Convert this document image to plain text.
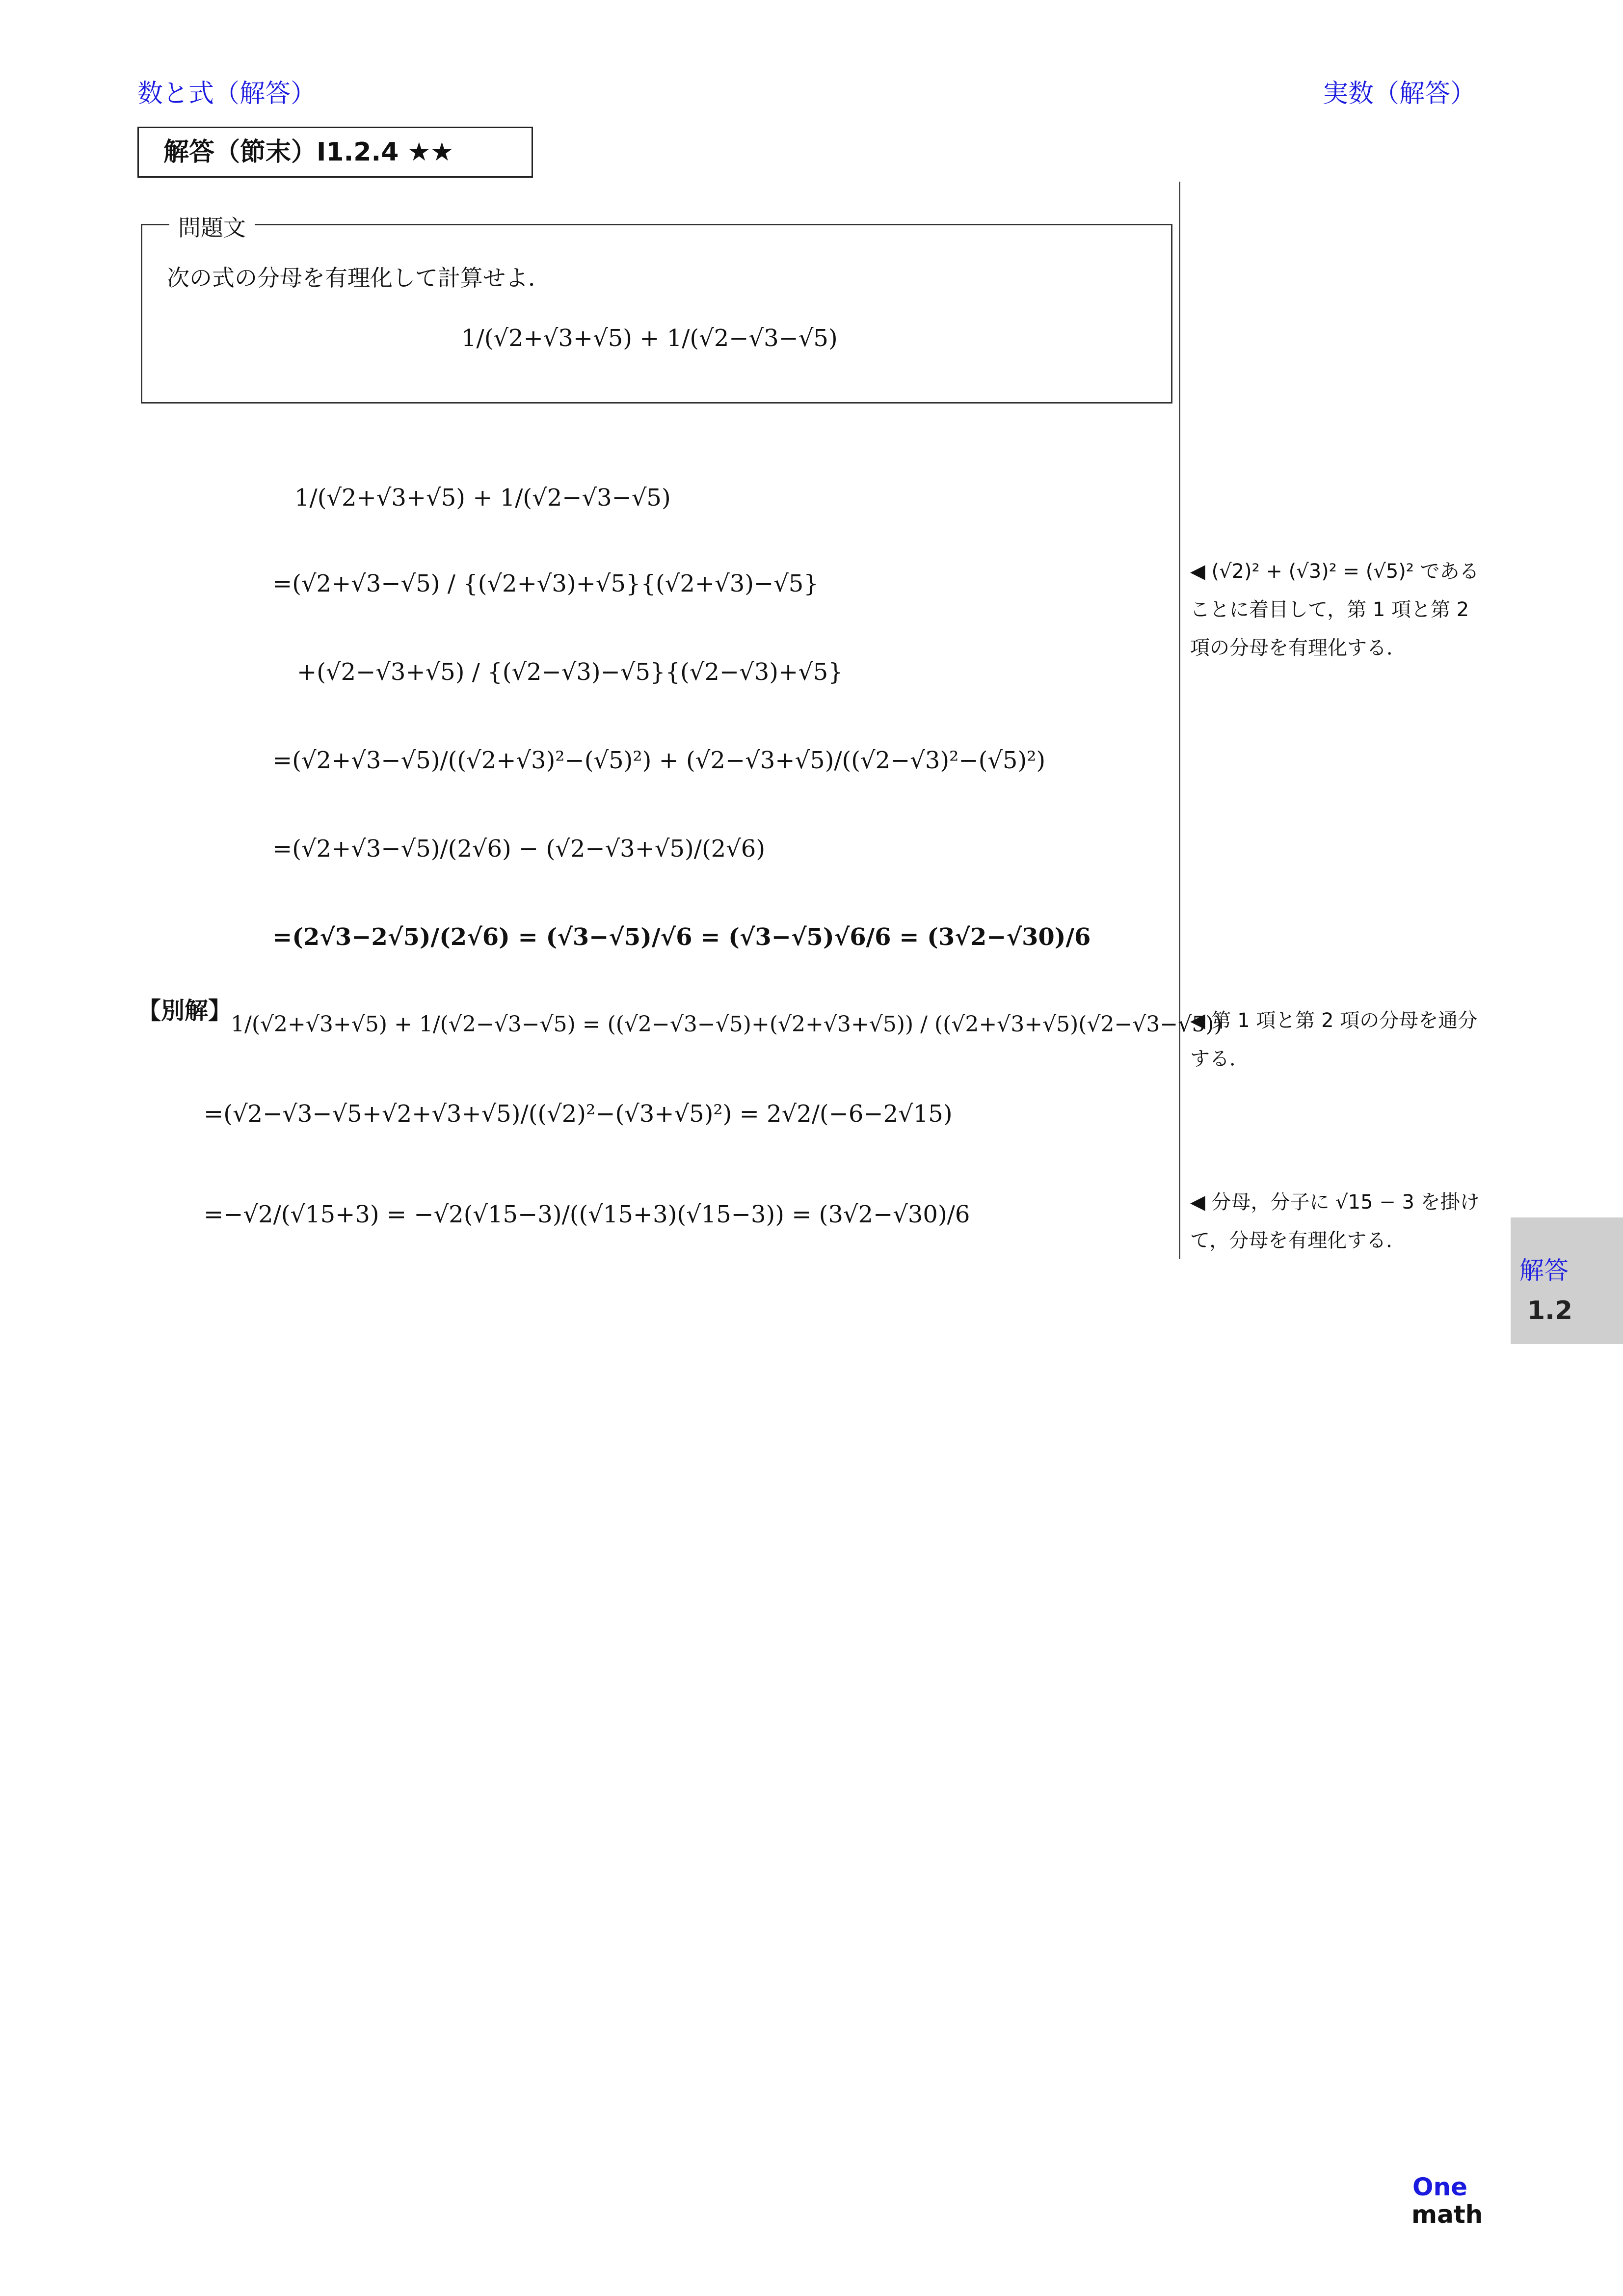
数と式（解答）	実数（解答）
解答（節末）I1.2.4 ★★
問題文
次の式の分母を有理化して計算せよ．
1/(√2+√3+√5) + 1/(√2−√3−√5)
1/(√2+√3+√5) + 1/(√2−√3−√5)
=(√2+√3−√5) / {(√2+√3)+√5}{(√2+√3)−√5}
+(√2−√3+√5) / {(√2−√3)−√5}{(√2−√3)+√5}
=(√2+√3−√5)/((√2+√3)²−(√5)²) + (√2−√3+√5)/((√2−√3)²−(√5)²)
=(√2+√3−√5)/(2√6) − (√2−√3+√5)/(2√6)
=(2√3−2√5)/(2√6) = (√3−√5)/√6 = (√3−√5)√6/6 = (3√2−√30)/6
【別解】
1/(√2+√3+√5) + 1/(√2−√3−√5) = ((√2−√3−√5)+(√2+√3+√5)) / ((√2+√3+√5)(√2−√3−√5))
=(√2−√3−√5+√2+√3+√5)/((√2)²−(√3+√5)²) = 2√2/(−6−2√15)
=−√2/(√15+3) = −√2(√15−3)/((√15+3)(√15−3)) = (3√2−√30)/6
◀ (√2)² + (√3)² = (√5)² であることに着目して，第 1 項と第 2 項の分母を有理化する．
◀ 第 1 項と第 2 項の分母を通分する．
◀ 分母，分子に √15 − 3 を掛けて，分母を有理化する．
解答
1.2
One
math
